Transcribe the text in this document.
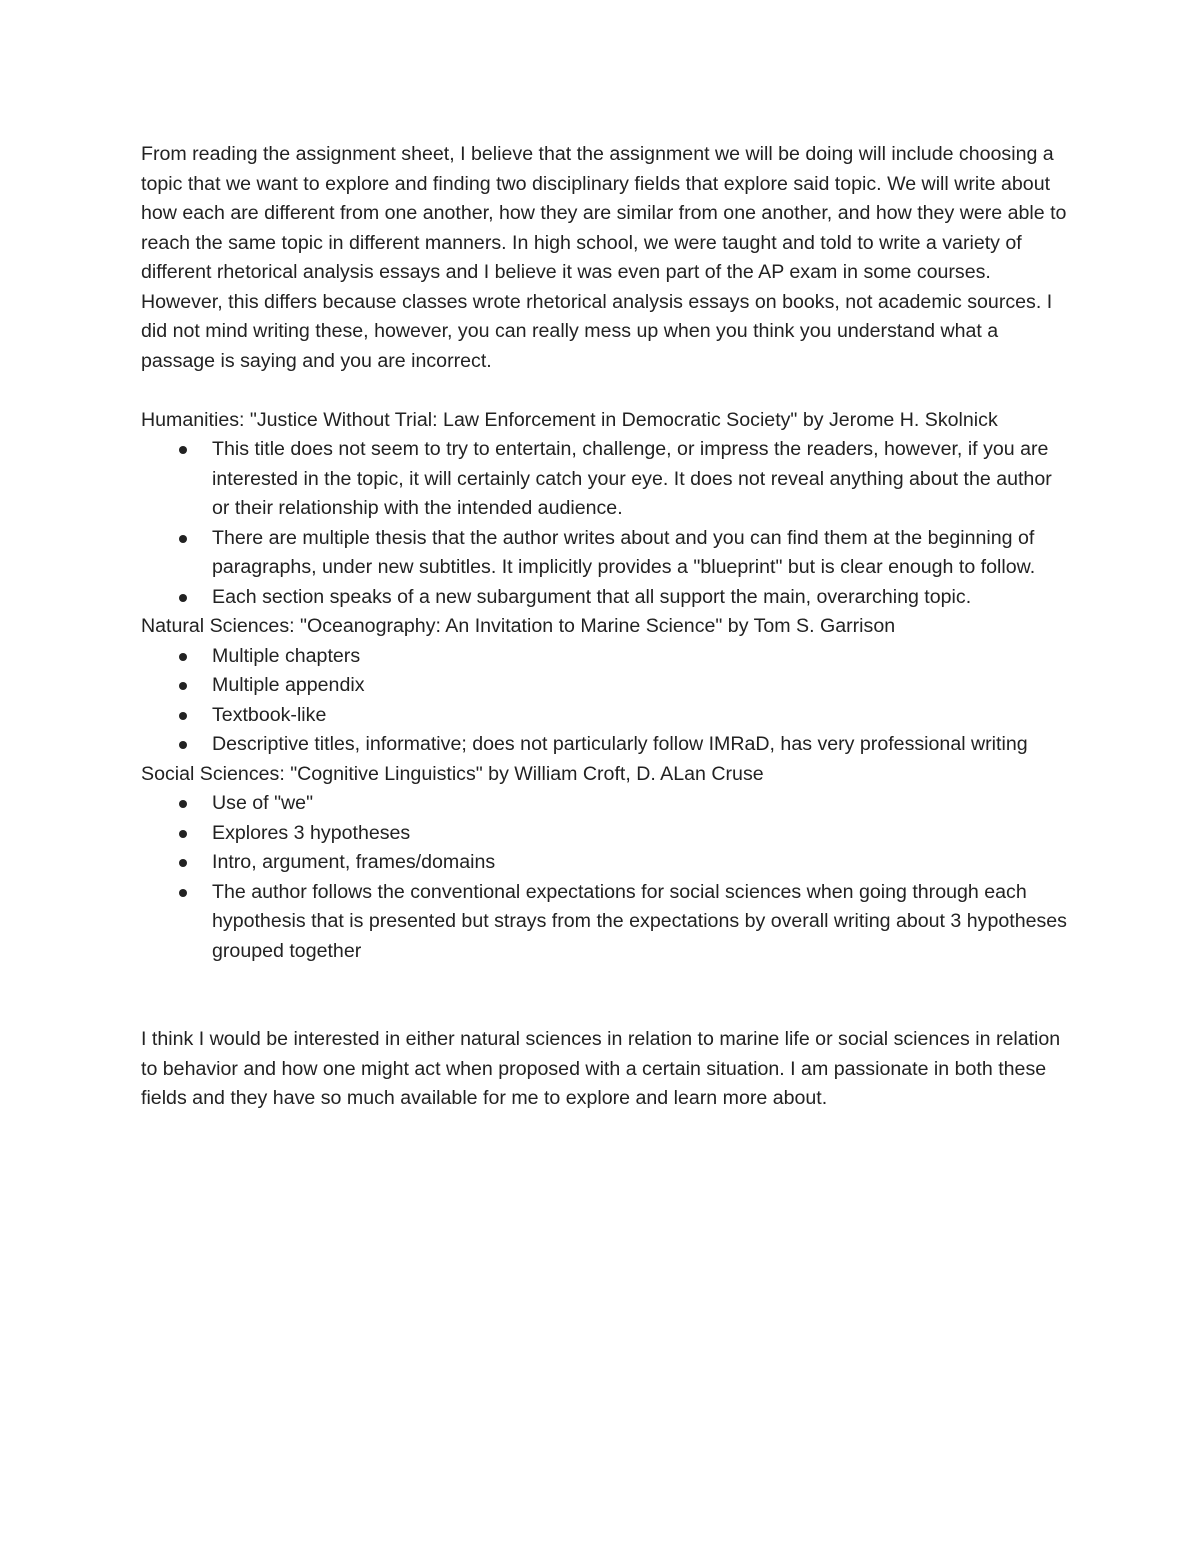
From reading the assignment sheet, I believe that the assignment we will be doing will include choosing a topic that we want to explore and finding two disciplinary fields that explore said topic. We will write about how each are different from one another, how they are similar from one another, and how they were able to reach the same topic in different manners. In high school, we were taught and told to write a variety of different rhetorical analysis essays and I believe it was even part of the AP exam in some courses. However, this differs because classes wrote rhetorical analysis essays on books, not academic sources. I did not mind writing these, however, you can really mess up when you think you understand what a passage is saying and you are incorrect.

Humanities: "Justice Without Trial: Law Enforcement in Democratic Society" by Jerome H. Skolnick

This title does not seem to try to entertain, challenge, or impress the readers, however, if you are interested in the topic, it will certainly catch your eye. It does not reveal anything about the author or their relationship with the intended audience.
There are multiple thesis that the author writes about and you can find them at the beginning of paragraphs, under new subtitles. It implicitly provides a "blueprint" but is clear enough to follow.
Each section speaks of a new subargument that all support the main, overarching topic.

Natural Sciences: "Oceanography: An Invitation to Marine Science" by Tom S. Garrison

Multiple chapters
Multiple appendix
Textbook-like
Descriptive titles, informative; does not particularly follow IMRaD, has very professional writing

Social Sciences: "Cognitive Linguistics" by William Croft, D. ALan Cruse

Use of "we"
Explores 3 hypotheses
Intro, argument, frames/domains
The author follows the conventional expectations for social sciences when going through each hypothesis that is presented but strays from the expectations by overall writing about 3 hypotheses grouped together

I think I would be interested in either natural sciences in relation to marine life or social sciences in relation to behavior and how one might act when proposed with a certain situation. I am passionate in both these fields and they have so much available for me to explore and learn more about.
